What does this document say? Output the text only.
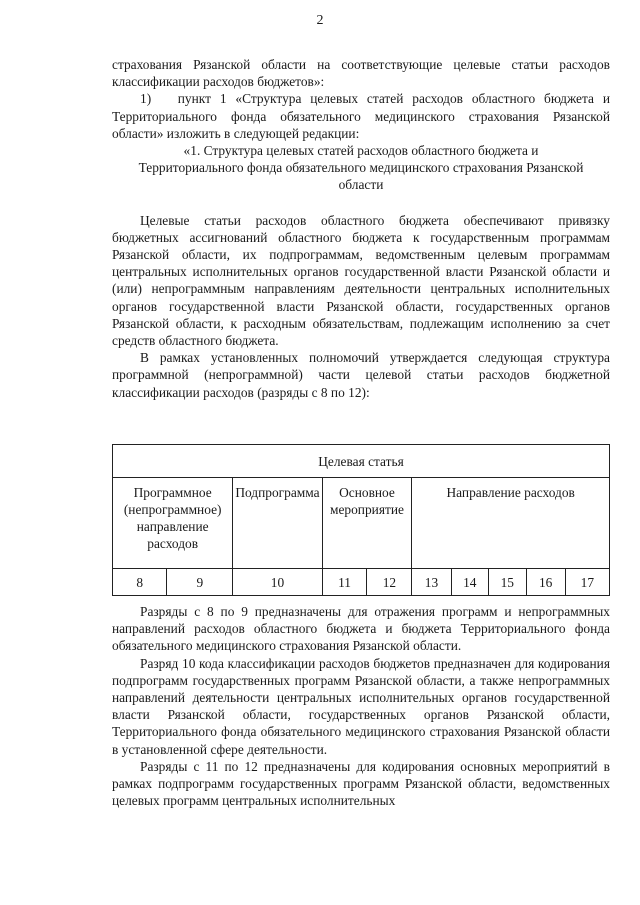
2

страхования Рязанской области на соответствующие целевые статьи расходов классификации расходов бюджетов»:

1)   пункт 1 «Структура целевых статей расходов областного бюджета и Территориального фонда обязательного медицинского страхования Рязанской области» изложить в следующей редакции:

«1. Структура целевых статей расходов областного бюджета и Территориального фонда обязательного медицинского страхования Рязанской области

Целевые статьи расходов областного бюджета обеспечивают привязку бюджетных ассигнований областного бюджета к государственным программам Рязанской области, их подпрограммам, ведомственным целевым программам центральных исполнительных органов государственной власти Рязанской области и (или) непрограммным направлениям деятельности центральных исполнительных органов государственной власти Рязанской области, государственных органов Рязанской области, к расходным обязательствам, подлежащим исполнению за счет средств областного бюджета.

В рамках установленных полномочий утверждается следующая структура программной (непрограммной) части целевой статьи расходов бюджетной классификации расходов (разряды с 8 по 12):

Целевая статья									
Программное (непрограммное) направление расходов		Подпрограмма	Основное мероприятие		Направление расходов				
8	9	10	11	12	13	14	15	16	17

Разряды с 8 по 9 предназначены для отражения программ и непрограммных направлений расходов областного бюджета и бюджета Территориального фонда обязательного медицинского страхования Рязанской области.

Разряд 10 кода классификации расходов бюджетов предназначен для кодирования подпрограмм государственных программ Рязанской области, а также непрограммных направлений деятельности центральных исполнительных органов государственной власти Рязанской области, государственных органов Рязанской области, Территориального фонда обязательного медицинского страхования Рязанской области в установленной сфере деятельности.

Разряды с 11 по 12 предназначены для кодирования основных мероприятий в рамках подпрограмм государственных программ Рязанской области, ведомственных целевых программ центральных исполнительных
